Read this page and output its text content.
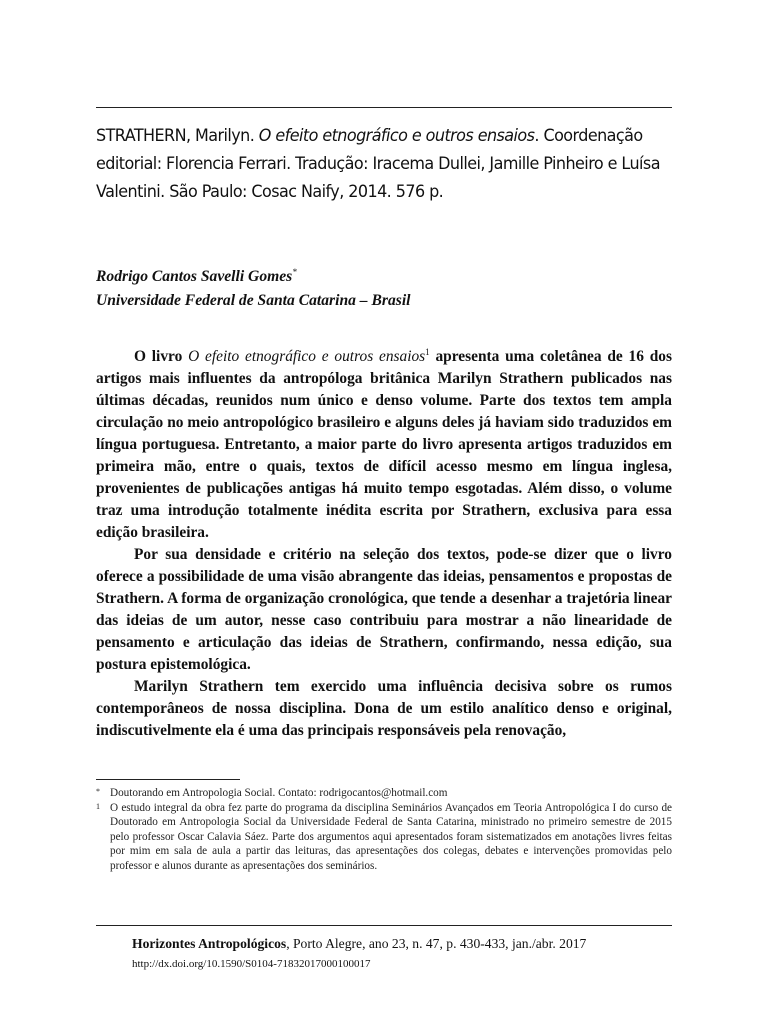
STRATHERN, Marilyn. O efeito etnográfico e outros ensaios. Coordenação editorial: Florencia Ferrari. Tradução: Iracema Dullei, Jamille Pinheiro e Luísa Valentini. São Paulo: Cosac Naify, 2014. 576 p.
Rodrigo Cantos Savelli Gomes*
Universidade Federal de Santa Catarina – Brasil

O livro O efeito etnográfico e outros ensaios$^1$ apresenta uma coletânea de 16 dos artigos mais influentes da antropóloga britânica Marilyn Strathern publicados nas últimas décadas, reunidos num único e denso volume. Parte dos textos tem ampla circulação no meio antropológico brasileiro e alguns deles já haviam sido traduzidos em língua portuguesa. Entretanto, a maior parte do livro apresenta artigos traduzidos em primeira mão, entre o quais, textos de difícil acesso mesmo em língua inglesa, provenientes de publicações antigas há muito tempo esgotadas. Além disso, o volume traz uma introdução totalmente inédita escrita por Strathern, exclusiva para essa edição brasileira.

Por sua densidade e critério na seleção dos textos, pode-se dizer que o livro oferece a possibilidade de uma visão abrangente das ideias, pensamentos e propostas de Strathern. A forma de organização cronológica, que tende a desenhar a trajetória linear das ideias de um autor, nesse caso contribuiu para mostrar a não linearidade de pensamento e articulação das ideias de Strathern, confirmando, nessa edição, sua postura epistemológica.

Marilyn Strathern tem exercido uma influência decisiva sobre os rumos contemporâneos de nossa disciplina. Dona de um estilo analítico denso e original, indiscutivelmente ela é uma das principais responsáveis pela renovação,

* Doutorando em Antropologia Social. Contato: rodrigocantos@hotmail.com

1 O estudo integral da obra fez parte do programa da disciplina Seminários Avançados em Teoria Antropológica I do curso de Doutorado em Antropologia Social da Universidade Federal de Santa Catarina, ministrado no primeiro semestre de 2015 pelo professor Oscar Calavia Sáez. Parte dos argumentos aqui apresentados foram sistematizados em anotações livres feitas por mim em sala de aula a partir das leituras, das apresentações dos colegas, debates e intervenções promovidas pelo professor e alunos durante as apresentações dos seminários.

Horizontes Antropológicos, Porto Alegre, ano 23, n. 47, p. 430-433, jan./abr. 2017
http://dx.doi.org/10.1590/S0104-71832017000100017
